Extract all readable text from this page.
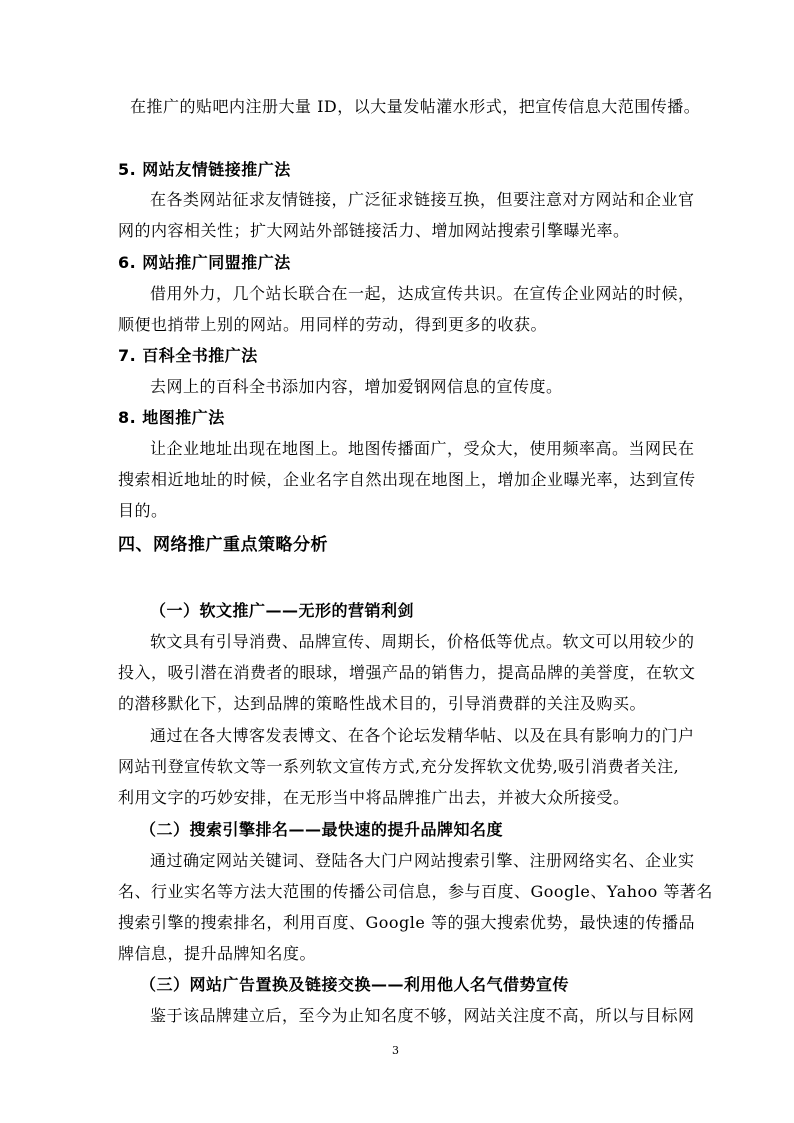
在推广的贴吧内注册大量 ID，以大量发帖灌水形式，把宣传信息大范围传播。
5. 网站友情链接推广法
在各类网站征求友情链接，广泛征求链接互换，但要注意对方网站和企业官
网的内容相关性；扩大网站外部链接活力、增加网站搜索引擎曝光率。
6. 网站推广同盟推广法
借用外力，几个站长联合在一起，达成宣传共识。在宣传企业网站的时候，
顺便也捎带上别的网站。用同样的劳动，得到更多的收获。
7. 百科全书推广法
去网上的百科全书添加内容，增加爱钢网信息的宣传度。
8. 地图推广法
让企业地址出现在地图上。地图传播面广，受众大，使用频率高。当网民在
搜索相近地址的时候，企业名字自然出现在地图上，增加企业曝光率，达到宣传
目的。
四、网络推广重点策略分析
（一）软文推广——无形的营销利剑
软文具有引导消费、品牌宣传、周期长，价格低等优点。软文可以用较少的
投入，吸引潜在消费者的眼球，增强产品的销售力，提高品牌的美誉度，在软文
的潜移默化下，达到品牌的策略性战术目的，引导消费群的关注及购买。
通过在各大博客发表博文、在各个论坛发精华帖、以及在具有影响力的门户
网站刊登宣传软文等一系列软文宣传方式,充分发挥软文优势,吸引消费者关注,
利用文字的巧妙安排，在无形当中将品牌推广出去，并被大众所接受。
（二）搜索引擎排名——最快速的提升品牌知名度
通过确定网站关键词、登陆各大门户网站搜索引擎、注册网络实名、企业实
名、行业实名等方法大范围的传播公司信息，参与百度、Google、Yahoo 等著名
搜索引擎的搜索排名，利用百度、Google 等的强大搜索优势，最快速的传播品
牌信息，提升品牌知名度。
（三）网站广告置换及链接交换——利用他人名气借势宣传
鉴于该品牌建立后，至今为止知名度不够，网站关注度不高，所以与目标网
3
